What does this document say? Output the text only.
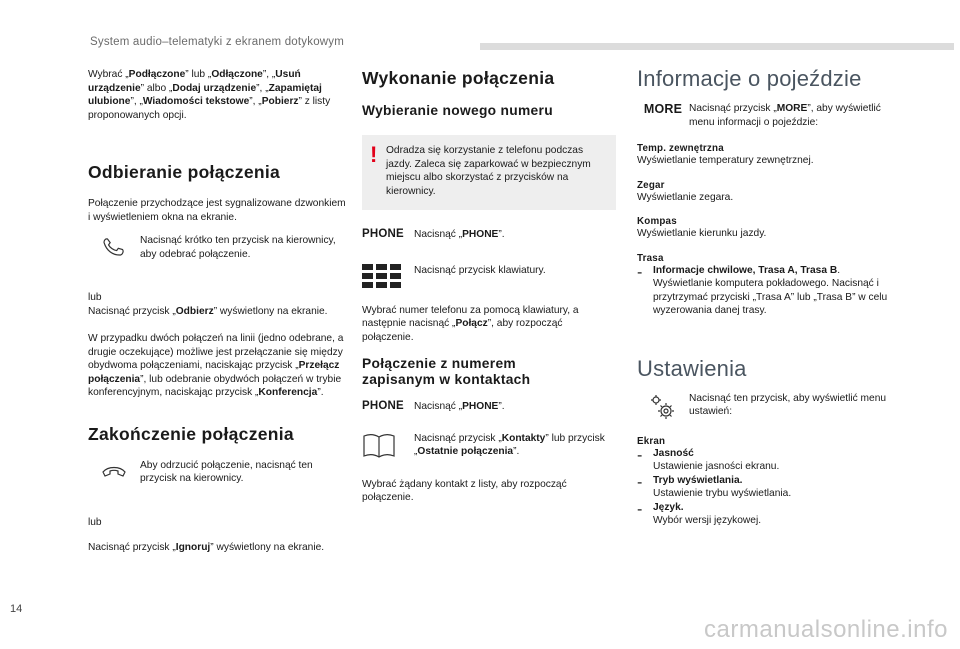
System audio–telematyki z ekranem dotykowym

Wybrać „Podłączone” lub „Odłączone”, „Usuń urządzenie” albo „Dodaj urządzenie”, „Zapamiętaj ulubione”, „Wiadomości tekstowe”, „Pobierz” z listy proponowanych opcji.

Odbieranie połączenia

Połączenie przychodzące jest sygnalizowane dzwonkiem i wyświetleniem okna na ekranie.

Nacisnąć krótko ten przycisk na kierownicy, aby odebrać połączenie.

lub

Nacisnąć przycisk „Odbierz” wyświetlony na ekranie.

W przypadku dwóch połączeń na linii (jedno odebrane, a drugie oczekujące) możliwe jest przełączanie się między obydwoma połączeniami, naciskając przycisk „Przełącz połączenia”, lub odebranie obydwóch połączeń w trybie konferencyjnym, naciskając przycisk „Konferencja”.

Zakończenie połączenia

Aby odrzucić połączenie, nacisnąć ten przycisk na kierownicy.

lub

Nacisnąć przycisk „Ignoruj” wyświetlony na ekranie.

Wykonanie połączenia
Wybieranie nowego numeru
! Odradza się korzystanie z telefonu podczas jazdy. Zaleca się zaparkować w bezpiecznym miejscu albo skorzystać z przycisków na kierownicy.

PHONE Nacisnąć „PHONE”.

Nacisnąć przycisk klawiatury.

Wybrać numer telefonu za pomocą klawiatury, a następnie nacisnąć „Połącz”, aby rozpocząć połączenie.

Połączenie z numerem
zapisanym w kontaktach
PHONE Nacisnąć „PHONE”.

Nacisnąć przycisk „Kontakty” lub przycisk „Ostatnie połączenia”.

Wybrać żądany kontakt z listy, aby rozpocząć połączenie.

Informacje o pojeździe
MORE Nacisnąć przycisk „MORE”, aby wyświetlić menu informacji o pojeździe:

Temp. zewnętrzna

Wyświetlanie temperatury zewnętrznej.

Zegar

Wyświetlanie zegara.

Kompas

Wyświetlanie kierunku jazdy.

Trasa
-	Informacje chwilowe, Trasa A, Trasa B.

Wyświetlanie komputera pokładowego. Nacisnąć i przytrzymać przyciski „Trasa A” lub „Trasa B” w celu wyzerowania danej trasy.

Ustawienia

Nacisnąć ten przycisk, aby wyświetlić menu ustawień:

Ekran
-	Jasność

Ustawienie jasności ekranu.

-	Tryb wyświetlania.

Ustawienie trybu wyświetlania.

-	Język.

Wybór wersji językowej.

14
carmanualsonline.info
